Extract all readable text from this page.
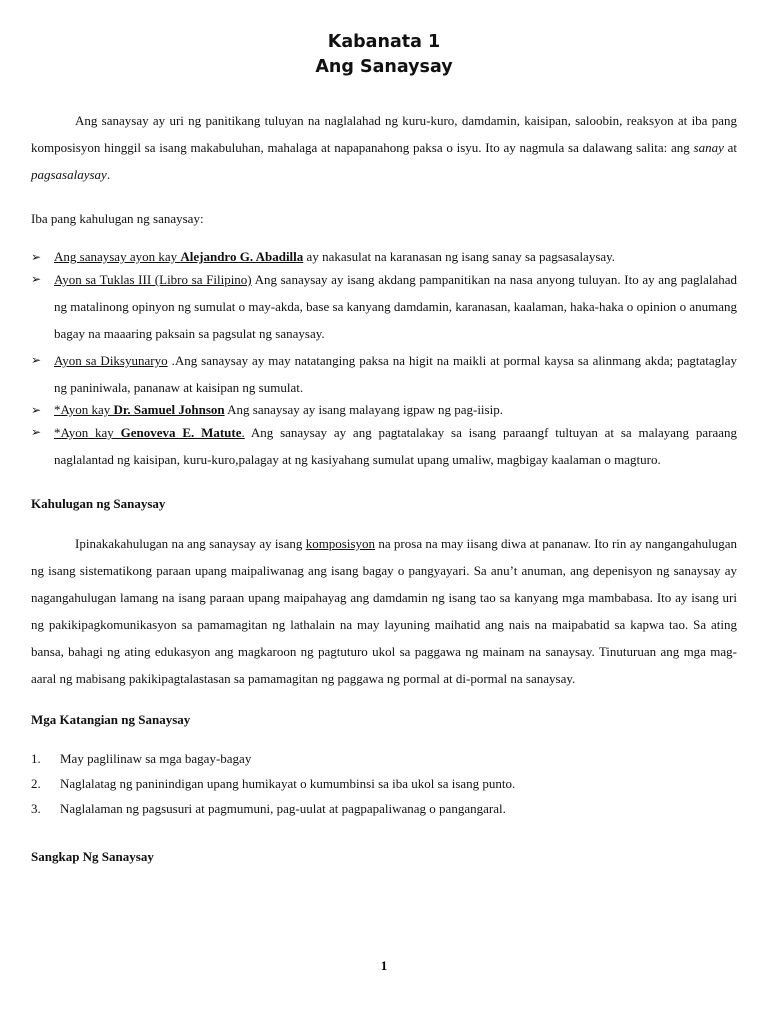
Kabanata 1
Ang Sanaysay

Ang sanaysay ay uri ng panitikang tuluyan na naglalahad ng kuru-kuro, damdamin, kaisipan, saloobin, reaksyon at iba pang komposisyon hinggil sa isang makabuluhan, mahalaga at napapanahong paksa o isyu. Ito ay nagmula sa dalawang salita: ang sanay at pagsasalaysay.

Iba pang kahulugan ng sanaysay:

➢ Ang sanaysay ayon kay Alejandro G. Abadilla ay nakasulat na karanasan ng isang sanay sa pagsasalaysay.
➢ Ayon sa Tuklas III (Libro sa Filipino) Ang sanaysay ay isang akdang pampanitikan na nasa anyong tuluyan. Ito ay ang paglalahad ng matalinong opinyon ng sumulat o may-akda, base sa kanyang damdamin, karanasan, kaalaman, haka-haka o opinion o anumang bagay na maaaring paksain sa pagsulat ng sanaysay.
➢ Ayon sa Diksyunaryo .Ang sanaysay ay may natatanging paksa na higit na maikli at pormal kaysa sa alinmang akda; pagtataglay ng paniniwala, pananaw at kaisipan ng sumulat.
➢ *Ayon kay Dr. Samuel Johnson Ang sanaysay ay isang malayang igpaw ng pag-iisip.
➢ *Ayon kay Genoveva E. Matute. Ang sanaysay ay ang pagtatalakay sa isang paraangf tultuyan at sa malayang paraang naglalantad ng kaisipan, kuru-kuro,palagay at ng kasiyahang sumulat upang umaliw, magbigay kaalaman o magturo.
Kahulugan ng Sanaysay

Ipinakakahulugan na ang sanaysay ay isang komposisyon na prosa na may iisang diwa at pananaw. Ito rin ay nangangahulugan ng isang sistematikong paraan upang maipaliwanag ang isang bagay o pangyayari. Sa anu’t anuman, ang depenisyon ng sanaysay ay nagangahulugan lamang na isang paraan upang maipahayag ang damdamin ng isang tao sa kanyang mga mambabasa. Ito ay isang uri ng pakikipagkomunikasyon sa pamamagitan ng lathalain na may layuning maihatid ang nais na maipabatid sa kapwa tao. Sa ating bansa, bahagi ng ating edukasyon ang magkaroon ng pagtuturo ukol sa paggawa ng mainam na sanaysay. Tinuturuan ang mga mag-aaral ng mabisang pakikipagtalastasan sa pamamagitan ng paggawa ng pormal at di-pormal na sanaysay.

Mga Katangian ng Sanaysay
1. May paglilinaw sa mga bagay-bagay
2. Naglalatag ng paninindigan upang humikayat o kumumbinsi sa iba ukol sa isang punto.
3. Naglalaman ng pagsusuri at pagmumuni, pag-uulat at pagpapaliwanag o pangangaral.
Sangkap Ng Sanaysay
1
